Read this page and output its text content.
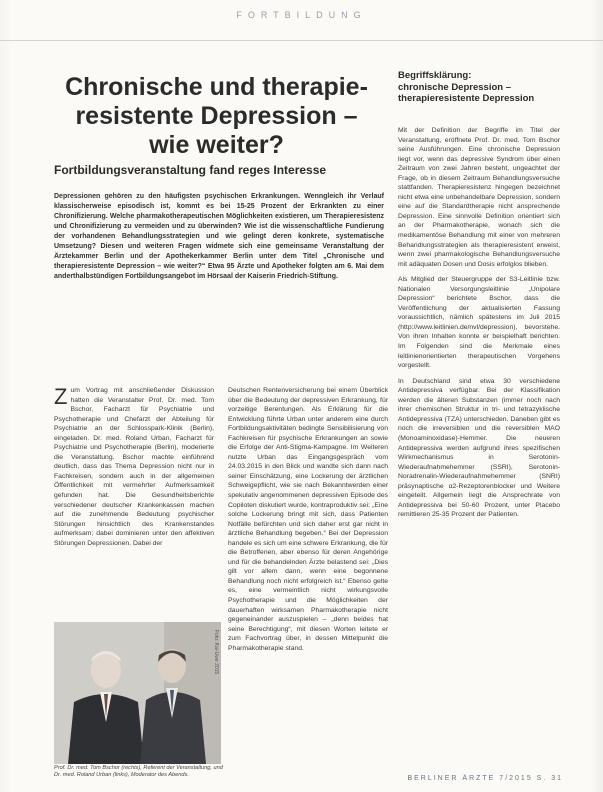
FORTBILDUNG
Chronische und therapie-resistente Depression – wie weiter?
Fortbildungsveranstaltung fand reges Interesse
Depressionen gehören zu den häufigsten psychischen Erkrankungen. Wenngleich ihr Verlauf klassischerweise episodisch ist, kommt es bei 15-25 Prozent der Erkrankten zu einer Chronifizierung. Welche pharmakotherapeutischen Möglichkeiten existieren, um Therapieresistenz und Chronifizierung zu vermeiden und zu überwinden? Wie ist die wissenschaftliche Fundierung der vorhandenen Behandlungsstrategien und wie gelingt deren konkrete, systematische Umsetzung? Diesen und weiteren Fragen widmete sich eine gemeinsame Veranstaltung der Ärztekammer Berlin und der Apothekerkammer Berlin unter dem Titel „Chronische und therapieresistente Depression – wie weiter?“ Etwa 95 Ärzte und Apotheker folgten am 6. Mai dem anderthalbstündigen Fortbildungsangebot im Hörsaal der Kaiserin Friedrich-Stiftung.

Zum Vortrag mit anschließender Diskussion hatten die Veranstalter Prof. Dr. med. Tom Bschor, Facharzt für Psychiatrie und Psychotherapie und Chefarzt der Abteilung für Psychiatrie an der Schlosspark-Klinik (Berlin), eingeladen. Dr. med. Roland Urban, Facharzt für Psychiatrie und Psychotherapie (Berlin), moderierte die Veranstaltung. Bschor machte einführend deutlich, dass das Thema Depression nicht nur in Fachkreisen, sondern auch in der allgemeinen Öffentlichkeit mit vermehrter Aufmerksamkeit gefunden hat. Die Gesundheitsberichte verschiedener deutscher Krankenkassen machen auf die zunehmende Bedeutung psychischer Störungen hinsichtlich des Krankenstandes aufmerksam; dabei dominieren unter den affektiven Störungen Depressionen. Dabei der

Deutschen Rentenversicherung bei einem Überblick über die Bedeutung der depressiven Erkrankung, für vorzeitige Berentungen. Als Erklärung für die Entwicklung führte Urban unter anderem eine durch Fortbildungsaktivitäten bedingte Sensibilisierung von Fachkreisen für psychische Erkrankungen an sowie die Erfolge der Anti-Stigma-Kampagne. Im Weiteren nutzte Urban das Eingangsgespräch vom 24.03.2015 in den Blick und wandte sich dann nach seiner Einschätzung, eine Lockerung der ärztlichen Schweigepflicht, wie sie nach Bekanntwerden einer spekulativ angenommenen depressiven Episode des Copiloten diskutiert wurde, kontraproduktiv sei: „Eine solche Lockerung bringt mit sich, dass Patienten Notfälle befürchten und sich daher erst gar nicht in ärztliche Behandlung begeben.“ Bei der Depression handele es sich um eine schwere Erkrankung, die für die Betroffenen, aber ebenso für deren Angehörige und für die behandelnden Ärzte belastend sei: „Dies gilt vor allem dann, wenn eine begonnene Behandlung noch nicht erfolgreich ist.“ Ebenso gelte es, eine vermeintlich nicht wirkungsvolle Psychotherapie und die Möglichkeiten der dauerhaften wirksamen Pharmakotherapie nicht gegeneinander auszuspielen – „denn beides hat seine Berechtigung“, mit diesen Worten leitete er zum Fachvortrag über, in dessen Mittelpunkt die Pharmakotherapie stand.

Begriffsklärung:
chronische Depression –
therapieresistente Depression

Mit der Definition der Begriffe im Titel der Veranstaltung, eröffnete Prof. Dr. med. Tom Bschor seine Ausführungen. Eine chronische Depression liegt vor, wenn das depressive Syndrom über einen Zeitraum von zwei Jahren besteht, ungeachtet der Frage, ob in diesem Zeitraum Behandlungsversuche stattfanden. Therapieresistenz hingegen bezeichnet nicht etwa eine unbehandelbare Depression, sondern eine auf die Standardtherapie nicht ansprechende Depression. Eine sinnvolle Definition orientiert sich an der Pharmakotherapie, wonach sich die medikamentöse Behandlung mit einer von mehreren Behandlungsstrategien als therapieresistent erweist, wenn zwei pharmakologische Behandlungsversuche mit adäquaten Dosen und Dosis erfolglos blieben.

Als Mitglied der Steuergruppe der S3-Leitlinie bzw. Nationalen Versorgungsleitlinie „Unipolare Depression“ berichtete Bschor, dass die Veröffentlichung der aktualisierten Fassung voraussichtlich, nämlich spätestens im Juli 2015 (http://www.leitlinien.de/nvl/depression), bevorstehe. Von ihren Inhalten konnte er beispielhaft berichten. Im Folgenden sind die Merkmale eines leitlinienorientierten therapeutischen Vorgehens vorgestellt.

In Deutschland sind etwa 30 verschiedene Antidepressiva verfügbar. Bei der Klassifikation werden die älteren Substanzen (immer noch nach ihrer chemischen Struktur in tri- und tetrazyklische Antidepressiva (TZA) unterschieden. Daneben gibt es noch die irreversiblen und die reversiblen MAO (Monoaminoxidase)-Hemmer. Die neueren Antidepressiva werden aufgrund ihres spezifischen Wirkmechanismus in Serotonin-Wiederaufnahmehemmer (SSRI), Serotonin-Noradrenalin-Wiederaufnahmehemmer (SNRI) präsynaptische α2-Rezeptorenblocker und Weitere eingeteilt. Allgemein liegt die Ansprechrate von Antidepressiva bei 50-60 Prozent, unter Placebo remittieren 25-35 Prozent der Patienten.

Foto: Kai-Uwe 2015
Prof. Dr. med. Tom Bschor (rechts), Referent der Veranstaltung, und Dr. med. Roland Urban (links), Moderator des Abends.	BERLINER ÄRZTE 7/2015 S. 31
